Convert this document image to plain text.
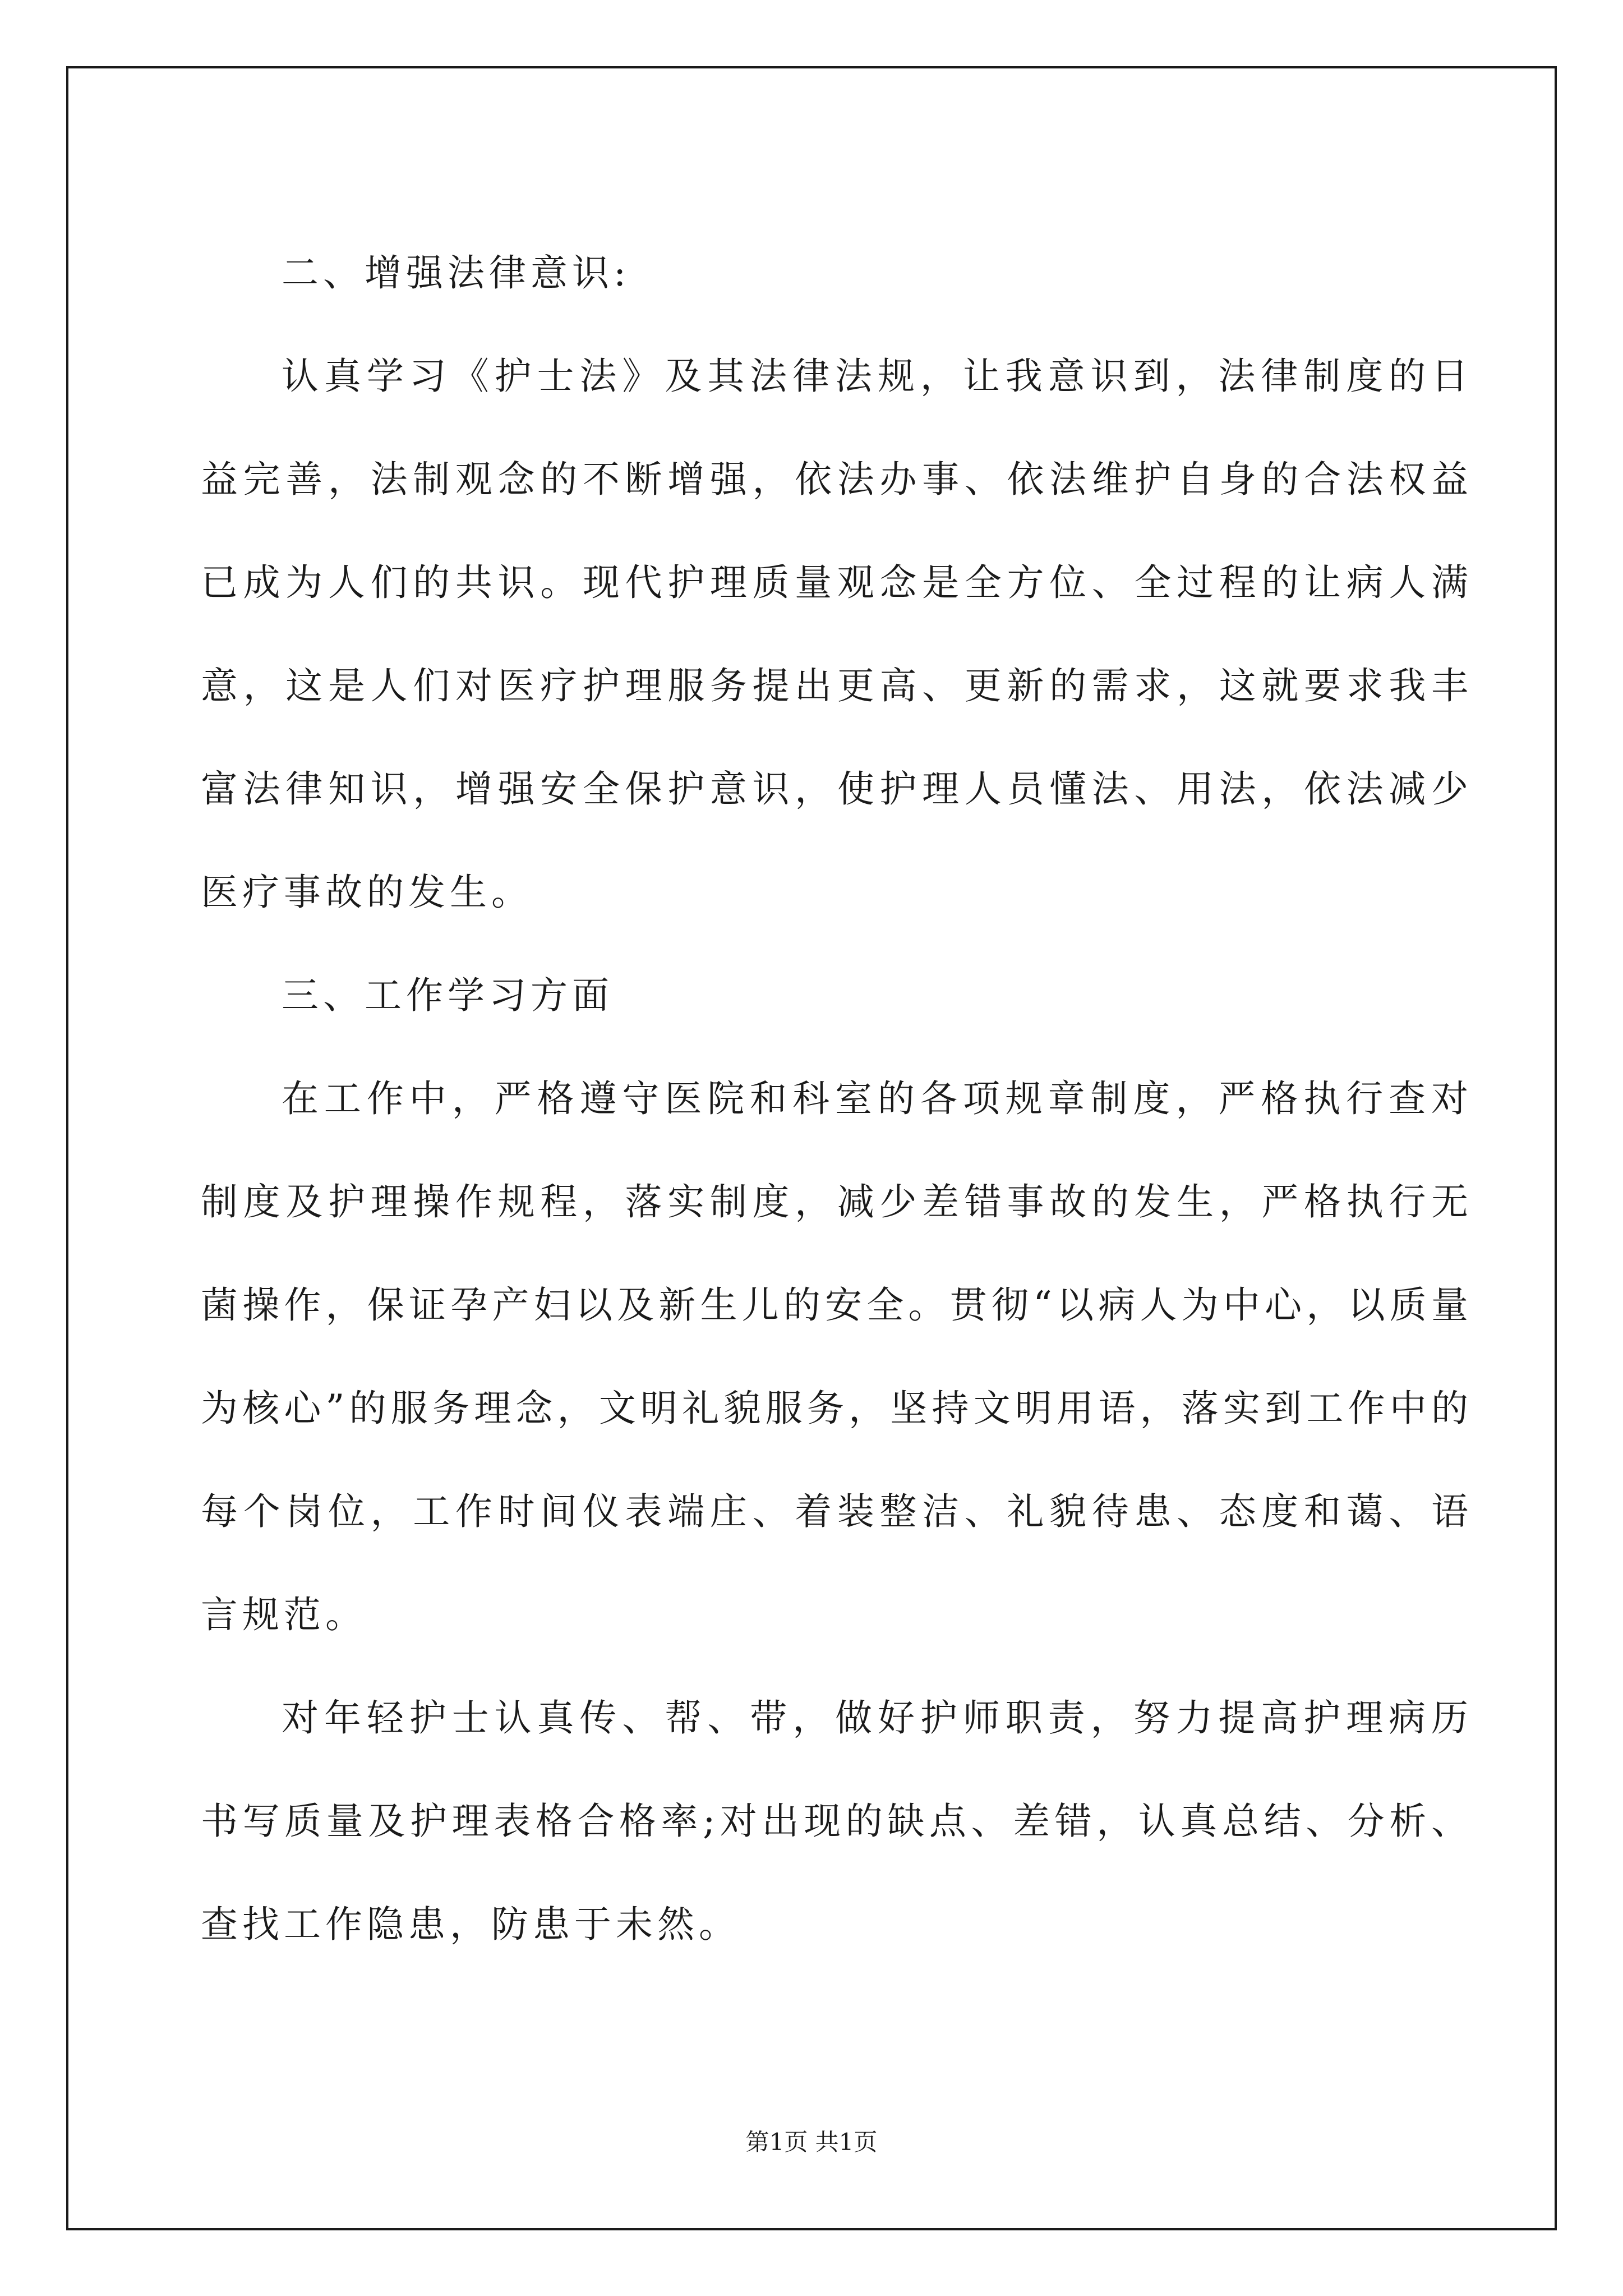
二、增强法律意识:

认真学习《护士法》及其法律法规，让我意识到，法律制度的日益完善，法制观念的不断增强，依法办事、依法维护自身的合法权益已成为人们的共识。现代护理质量观念是全方位、全过程的让病人满意，这是人们对医疗护理服务提出更高、更新的需求，这就要求我丰富法律知识，增强安全保护意识，使护理人员懂法、用法，依法减少医疗事故的发生。

三、工作学习方面

在工作中，严格遵守医院和科室的各项规章制度，严格执行查对制度及护理操作规程，落实制度，减少差错事故的发生，严格执行无菌操作，保证孕产妇以及新生儿的安全。贯彻“以病人为中心，以质量为核心”的服务理念，文明礼貌服务，坚持文明用语，落实到工作中的每个岗位，工作时间仪表端庄、着装整洁、礼貌待患、态度和蔼、语言规范。

对年轻护士认真传、帮、带，做好护师职责，努力提高护理病历书写质量及护理表格合格率;对出现的缺点、差错，认真总结、分析、查找工作隐患，防患于未然。

第1页 共1页
